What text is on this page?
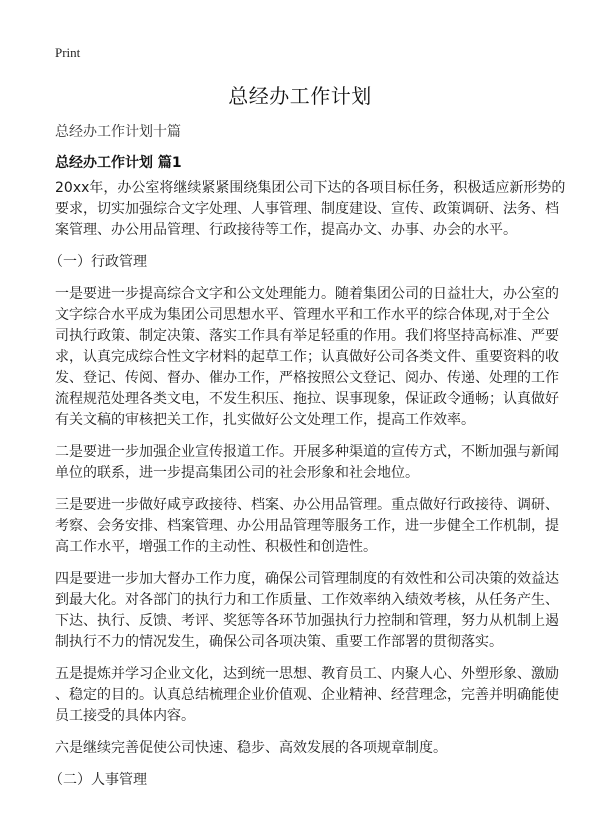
Print
总经办工作计划

总经办工作计划十篇

总经办工作计划 篇1

20xx年，办公室将继续紧紧围绕集团公司下达的各项目标任务，积极适应新形势的
要求，切实加强综合文字处理、人事管理、制度建设、宣传、政策调研、法务、档
案管理、办公用品管理、行政接待等工作，提高办文、办事、办会的水平。

（一）行政管理

一是要进一步提高综合文字和公文处理能力。随着集团公司的日益壮大，办公室的
文字综合水平成为集团公司思想水平、管理水平和工作水平的综合体现,对于全公
司执行政策、制定决策、落实工作具有举足轻重的作用。我们将坚持高标准、严要
求，认真完成综合性文字材料的起草工作；认真做好公司各类文件、重要资料的收
发、登记、传阅、督办、催办工作，严格按照公文登记、阅办、传递、处理的工作
流程规范处理各类文电，不发生积压、拖拉、误事现象，保证政令通畅；认真做好
有关文稿的审核把关工作，扎实做好公文处理工作，提高工作效率。

二是要进一步加强企业宣传报道工作。开展多种渠道的宣传方式，不断加强与新闻
单位的联系，进一步提高集团公司的社会形象和社会地位。

三是要进一步做好咸亨政接待、档案、办公用品管理。重点做好行政接待、调研、
考察、会务安排、档案管理、办公用品管理等服务工作，进一步健全工作机制，提
高工作水平，增强工作的主动性、积极性和创造性。

四是要进一步加大督办工作力度，确保公司管理制度的有效性和公司决策的效益达
到最大化。对各部门的执行力和工作质量、工作效率纳入绩效考核，从任务产生、
下达、执行、反馈、考评、奖惩等各环节加强执行力控制和管理，努力从机制上遏
制执行不力的情况发生，确保公司各项决策、重要工作部署的贯彻落实。

五是提炼并学习企业文化，达到统一思想、教育员工、内聚人心、外塑形象、激励
、稳定的目的。认真总结梳理企业价值观、企业精神、经营理念，完善并明确能使
员工接受的具体内容。

六是继续完善促使公司快速、稳步、高效发展的各项规章制度。

（二）人事管理
